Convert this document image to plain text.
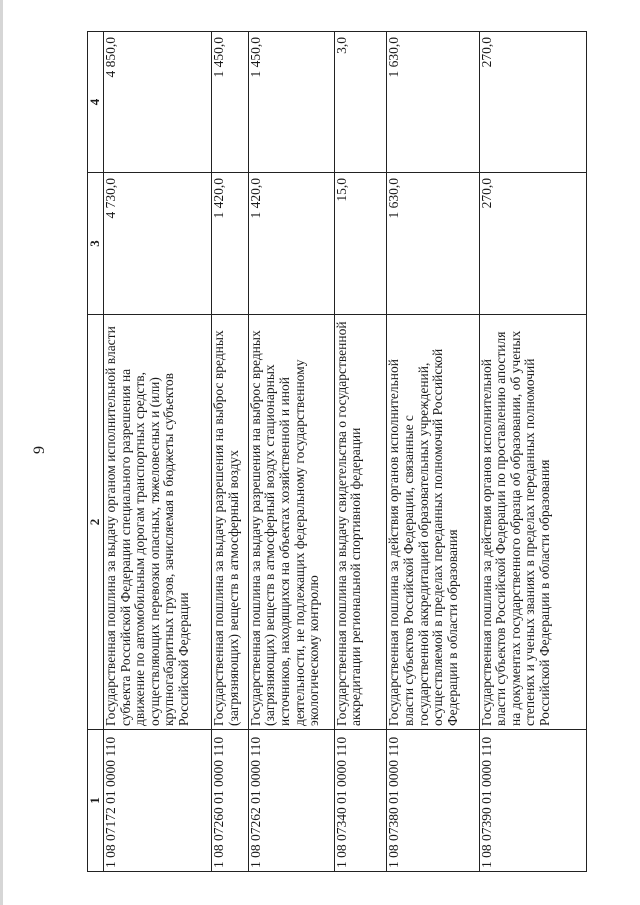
9
1	2	3	4
1 08 07172 01 0000 110	Государственная пошлина за выдачу органом исполнительной власти субъекта Российской Федерации специального разрешения на движение по автомобильным дорогам транспортных средств, осуществляющих перевозки опасных, тяжеловесных и (или) крупногабаритных грузов, зачисляемая в бюджеты субъектов Российской Федерации	4 730,0	4 850,0
1 08 07260 01 0000 110	Государственная пошлина за выдачу разрешения на выброс вредных (загрязняющих) веществ в атмосферный воздух	1 420,0	1 450,0
1 08 07262 01 0000 110	Государственная пошлина за выдачу разрешения на выброс вредных (загрязняющих) веществ в атмосферный воздух стационарных источников, находящихся на объектах хозяйственной и иной деятельности, не подлежащих федеральному государственному экологическому контролю	1 420,0	1 450,0
1 08 07340 01 0000 110	Государственная пошлина за выдачу свидетельства о государственной аккредитации региональной спортивной федерации	15,0	3,0
1 08 07380 01 0000 110	Государственная пошлина за действия органов исполнительной власти субъектов Российской Федерации, связанные с государственной аккредитацией образовательных учреждений, осуществляемой в пределах переданных полномочий Российской Федерации в области образования	1 630,0	1 630,0
1 08 07390 01 0000 110	Государственная пошлина за действия органов исполнительной власти субъектов Российской Федерации по проставлению апостиля на документах государственного образца об образовании, об ученых степенях и ученых званиях в пределах переданных полномочий Российской Федерации в области образования	270,0	270,0
